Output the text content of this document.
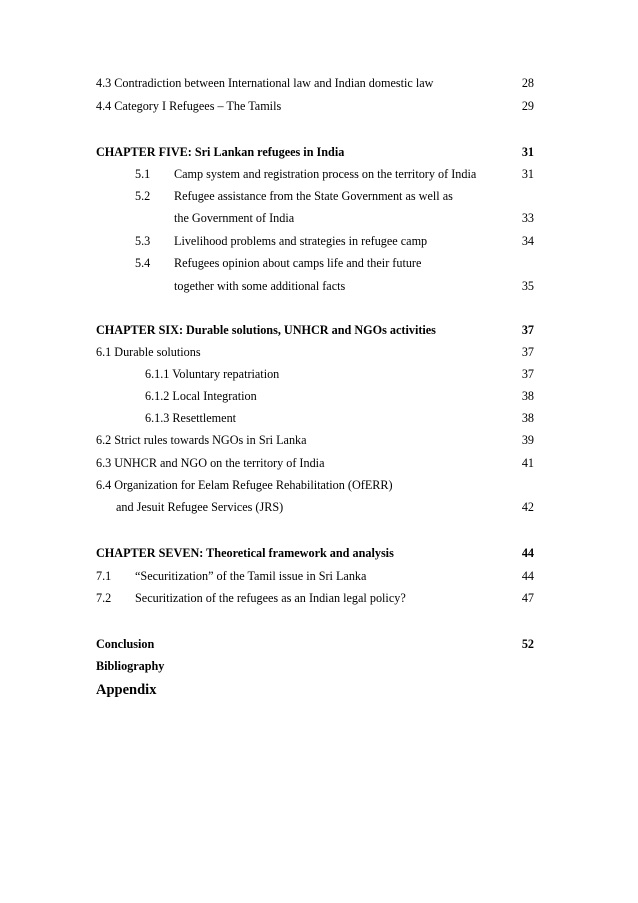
4.3 Contradiction between International law and Indian domestic law	28
4.4 Category I Refugees – The Tamils	29
CHAPTER FIVE: Sri Lankan refugees in India	31
5.1 Camp system and registration process on the territory of India	31
5.2 Refugee assistance from the State Government as well as
the Government of India	33
5.3 Livelihood problems and strategies in refugee camp	34
5.4 Refugees opinion about camps life and their future
together with some additional facts	35
CHAPTER SIX: Durable solutions, UNHCR and NGOs activities	37
6.1 Durable solutions	37
6.1.1 Voluntary repatriation	37
6.1.2 Local Integration	38
6.1.3 Resettlement	38
6.2 Strict rules towards NGOs in Sri Lanka	39
6.3 UNHCR and NGO on the territory of India	41
6.4 Organization for Eelam Refugee Rehabilitation (OfERR)
and Jesuit Refugee Services (JRS)	42
CHAPTER SEVEN: Theoretical framework and analysis	44
7.1 “Securitization” of the Tamil issue in Sri Lanka	44
7.2 Securitization of the refugees as an Indian legal policy?	47
Conclusion	52
Bibliography
Appendix
